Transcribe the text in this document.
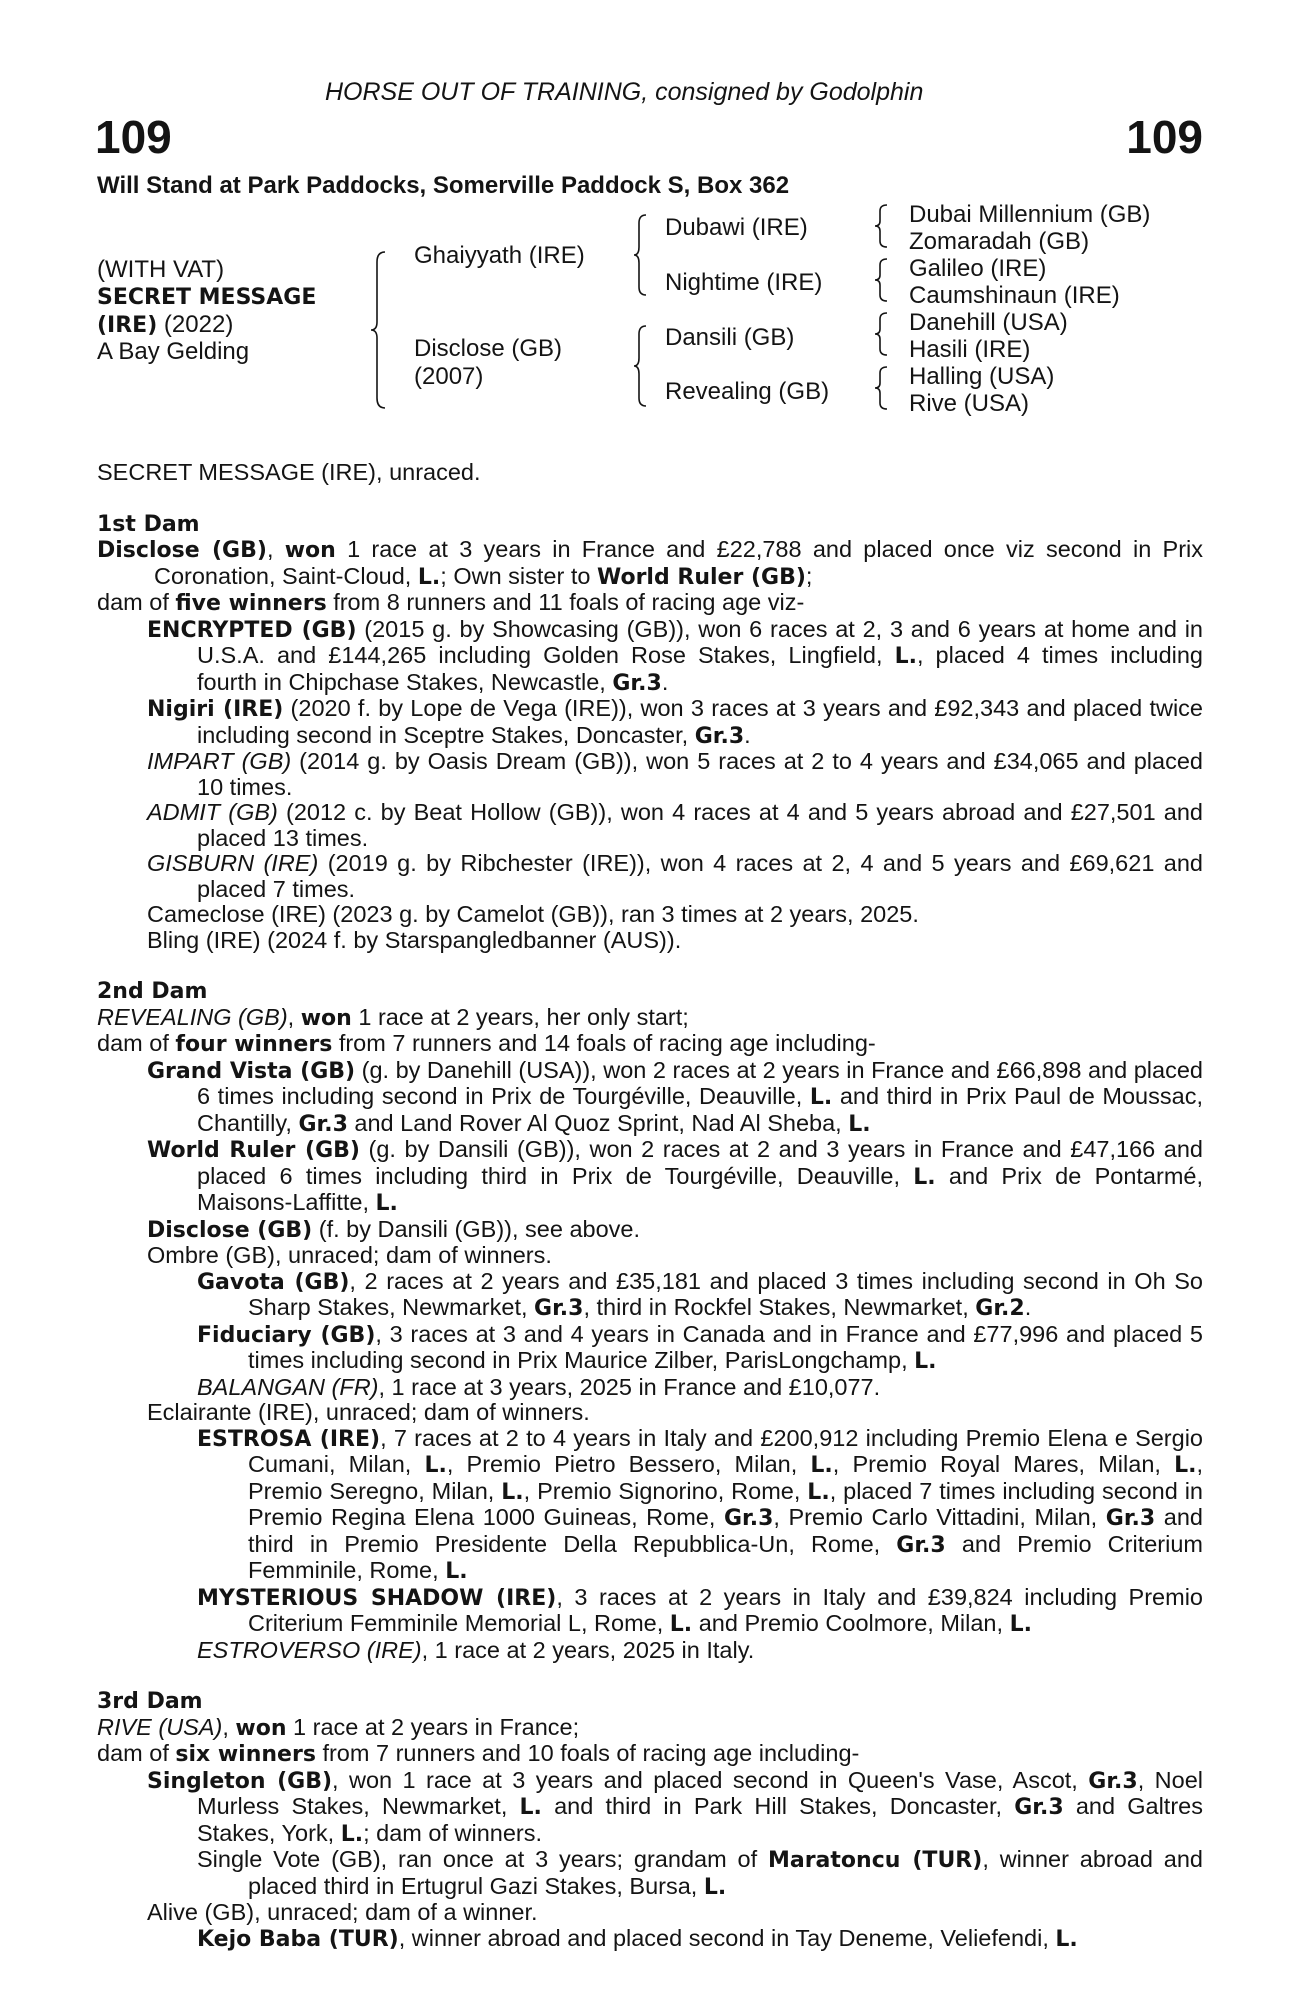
HORSE OUT OF TRAINING, consigned by Godolphin
109	109
Will Stand at Park Paddocks, Somerville Paddock S, Box 362
(WITH VAT)
SECRET MESSAGE
(IRE) (2022)
A Bay Gelding
Ghaiyyath (IRE)
Disclose (GB)
(2007)
Dubawi (IRE)
Nightime (IRE)
Dansili (GB)
Revealing (GB)
Dubai Millennium (GB)
Zomaradah (GB)
Galileo (IRE)
Caumshinaun (IRE)
Danehill (USA)
Hasili (IRE)
Halling (USA)
Rive (USA)
SECRET MESSAGE (IRE), unraced.
1st Dam
Disclose (GB), won 1 race at 3 years in France and £22,788 and placed once viz second in Prix Coronation, Saint-Cloud, L.; Own sister to World Ruler (GB);
dam of five winners from 8 runners and 11 foals of racing age viz-
ENCRYPTED (GB) (2015 g. by Showcasing (GB)), won 6 races at 2, 3 and 6 years at home and in U.S.A. and £144,265 including Golden Rose Stakes, Lingfield, L., placed 4 times including fourth in Chipchase Stakes, Newcastle, Gr.3.
Nigiri (IRE) (2020 f. by Lope de Vega (IRE)), won 3 races at 3 years and £92,343 and placed twice including second in Sceptre Stakes, Doncaster, Gr.3.
IMPART (GB) (2014 g. by Oasis Dream (GB)), won 5 races at 2 to 4 years and £34,065 and placed 10 times.
ADMIT (GB) (2012 c. by Beat Hollow (GB)), won 4 races at 4 and 5 years abroad and £27,501 and placed 13 times.
GISBURN (IRE) (2019 g. by Ribchester (IRE)), won 4 races at 2, 4 and 5 years and £69,621 and placed 7 times.
Cameclose (IRE) (2023 g. by Camelot (GB)), ran 3 times at 2 years, 2025.
Bling (IRE) (2024 f. by Starspangledbanner (AUS)).
2nd Dam
REVEALING (GB), won 1 race at 2 years, her only start;
dam of four winners from 7 runners and 14 foals of racing age including-
Grand Vista (GB) (g. by Danehill (USA)), won 2 races at 2 years in France and £66,898 and placed 6 times including second in Prix de Tourgéville, Deauville, L. and third in Prix Paul de Moussac, Chantilly, Gr.3 and Land Rover Al Quoz Sprint, Nad Al Sheba, L.
World Ruler (GB) (g. by Dansili (GB)), won 2 races at 2 and 3 years in France and £47,166 and placed 6 times including third in Prix de Tourgéville, Deauville, L. and Prix de Pontarmé, Maisons-Laffitte, L.
Disclose (GB) (f. by Dansili (GB)), see above.
Ombre (GB), unraced; dam of winners.
Gavota (GB), 2 races at 2 years and £35,181 and placed 3 times including second in Oh So Sharp Stakes, Newmarket, Gr.3, third in Rockfel Stakes, Newmarket, Gr.2.
Fiduciary (GB), 3 races at 3 and 4 years in Canada and in France and £77,996 and placed 5 times including second in Prix Maurice Zilber, ParisLongchamp, L.
BALANGAN (FR), 1 race at 3 years, 2025 in France and £10,077.
Eclairante (IRE), unraced; dam of winners.
ESTROSA (IRE), 7 races at 2 to 4 years in Italy and £200,912 including Premio Elena e Sergio Cumani, Milan, L., Premio Pietro Bessero, Milan, L., Premio Royal Mares, Milan, L., Premio Seregno, Milan, L., Premio Signorino, Rome, L., placed 7 times including second in Premio Regina Elena 1000 Guineas, Rome, Gr.3, Premio Carlo Vittadini, Milan, Gr.3 and third in Premio Presidente Della Repubblica-Un, Rome, Gr.3 and Premio Criterium Femminile, Rome, L.
MYSTERIOUS SHADOW (IRE), 3 races at 2 years in Italy and £39,824 including Premio Criterium Femminile Memorial L, Rome, L. and Premio Coolmore, Milan, L.
ESTROVERSO (IRE), 1 race at 2 years, 2025 in Italy.
3rd Dam
RIVE (USA), won 1 race at 2 years in France;
dam of six winners from 7 runners and 10 foals of racing age including-
Singleton (GB), won 1 race at 3 years and placed second in Queen's Vase, Ascot, Gr.3, Noel Murless Stakes, Newmarket, L. and third in Park Hill Stakes, Doncaster, Gr.3 and Galtres Stakes, York, L.; dam of winners.
Single Vote (GB), ran once at 3 years; grandam of Maratoncu (TUR), winner abroad and placed third in Ertugrul Gazi Stakes, Bursa, L.
Alive (GB), unraced; dam of a winner.
Kejo Baba (TUR), winner abroad and placed second in Tay Deneme, Veliefendi, L.
